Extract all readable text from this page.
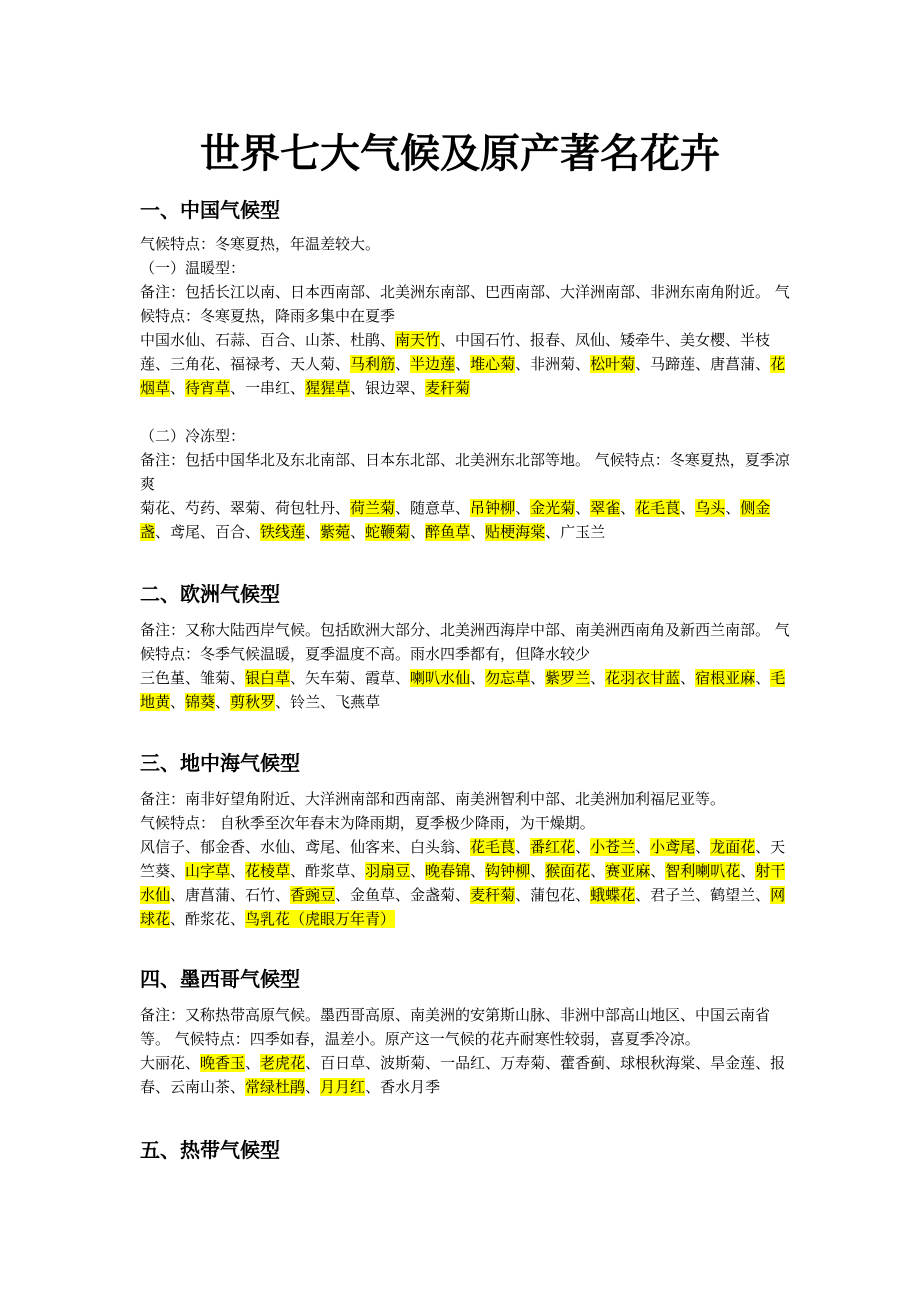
世界七大气候及原产著名花卉
一、中国气候型

气候特点：冬寒夏热，年温差较大。

（一）温暖型：

备注：包括长江以南、日本西南部、北美洲东南部、巴西南部、大洋洲南部、非洲东南角附近。 气候特点：冬寒夏热，降雨多集中在夏季

中国水仙、石蒜、百合、山茶、杜鹃、南天竹、中国石竹、报春、凤仙、矮牵牛、美女樱、半枝莲、三角花、福禄考、天人菊、马利筋、半边莲、堆心菊、非洲菊、松叶菊、马蹄莲、唐菖蒲、花烟草、待宵草、一串红、猩猩草、银边翠、麦秆菊

（二）冷冻型：

备注：包括中国华北及东北南部、日本东北部、北美洲东北部等地。 气候特点：冬寒夏热，夏季凉爽

菊花、芍药、翠菊、荷包牡丹、荷兰菊、随意草、吊钟柳、金光菊、翠雀、花毛茛、乌头、侧金盏、鸢尾、百合、铁线莲、紫菀、蛇鞭菊、醉鱼草、贴梗海棠、广玉兰

二、欧洲气候型

备注：又称大陆西岸气候。包括欧洲大部分、北美洲西海岸中部、南美洲西南角及新西兰南部。 气候特点：冬季气候温暖，夏季温度不高。雨水四季都有，但降水较少

三色堇、雏菊、银白草、矢车菊、霞草、喇叭水仙、勿忘草、紫罗兰、花羽衣甘蓝、宿根亚麻、毛地黄、锦葵、剪秋罗、铃兰、飞燕草

三、地中海气候型

备注：南非好望角附近、大洋洲南部和西南部、南美洲智利中部、北美洲加利福尼亚等。

气候特点： 自秋季至次年春末为降雨期，夏季极少降雨，为干燥期。

风信子、郁金香、水仙、鸢尾、仙客来、白头翁、花毛茛、番红花、小苍兰、小鸢尾、龙面花、天竺葵、山字草、花棱草、酢浆草、羽扇豆、晚春锦、钩钟柳、猴面花、赛亚麻、智利喇叭花、射干水仙、唐菖蒲、石竹、香豌豆、金鱼草、金盏菊、麦秆菊、蒲包花、蛾蝶花、君子兰、鹤望兰、网球花、酢浆花、鸟乳花（虎眼万年青）

四、墨西哥气候型

备注：又称热带高原气候。墨西哥高原、南美洲的安第斯山脉、非洲中部高山地区、中国云南省等。 气候特点：四季如春，温差小。原产这一气候的花卉耐寒性较弱，喜夏季冷凉。

大丽花、晚香玉、老虎花、百日草、波斯菊、一品红、万寿菊、藿香蓟、球根秋海棠、旱金莲、报春、云南山茶、常绿杜鹃、月月红、香水月季

五、热带气候型
